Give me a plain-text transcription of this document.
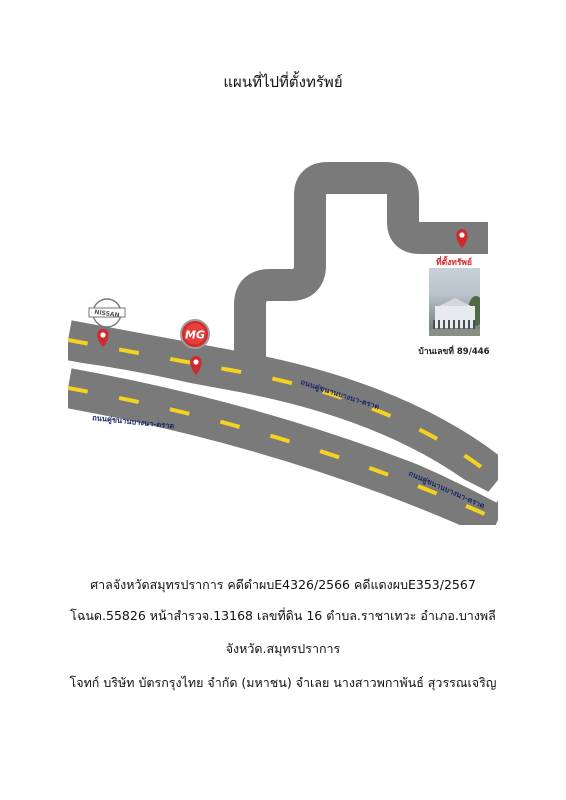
แผนที่ไปที่ตั้งทรัพย์
ถนนคู่ขนานบางนา-ตราด
ถนนคู่ขนานบางนา-ตราด
ถนนคู่ขนานบางนา-ตราด
NISSAN
MG
ที่ตั้งทรัพย์
บ้านเลขที่ 89/446
ศาลจังหวัดสมุทรปราการ คดีดำผบE4326/2566 คดีแดงผบE353/2567
โฉนด.55826 หน้าสำรวจ.13168 เลขที่ดิน 16 ตำบล.ราชาเทวะ อำเภอ.บางพลี
จังหวัด.สมุทรปราการ
โจทก์ บริษัท บัตรกรุงไทย จำกัด (มหาชน) จำเลย นางสาวพกาพันธ์ สุวรรณเจริญ
